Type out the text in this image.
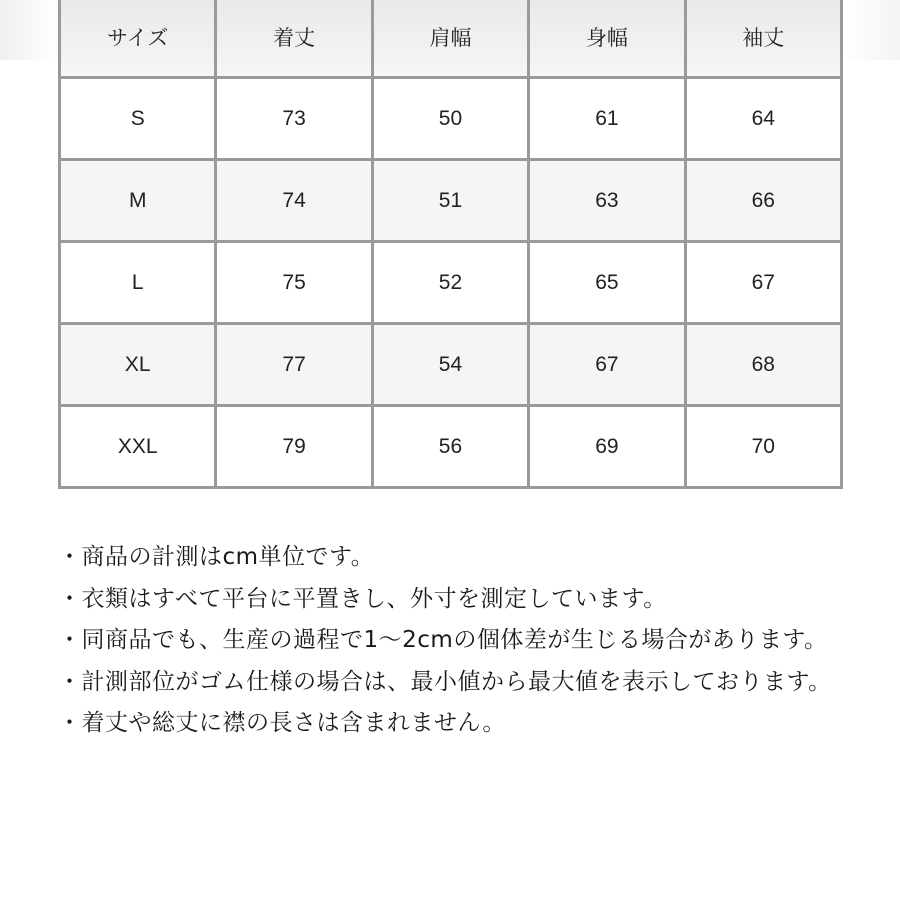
サイズ	着丈	肩幅	身幅	袖丈
S	73	50	61	64
M	74	51	63	66
L	75	52	65	67
XL	77	54	67	68
XXL	79	56	69	70

・商品の計測はcm単位です。

・衣類はすべて平台に平置きし、外寸を測定しています。

・同商品でも、生産の過程で1〜2cmの個体差が生じる場合があります。

・計測部位がゴム仕様の場合は、最小値から最大値を表示しております。

・着丈や総丈に襟の長さは含まれません。
